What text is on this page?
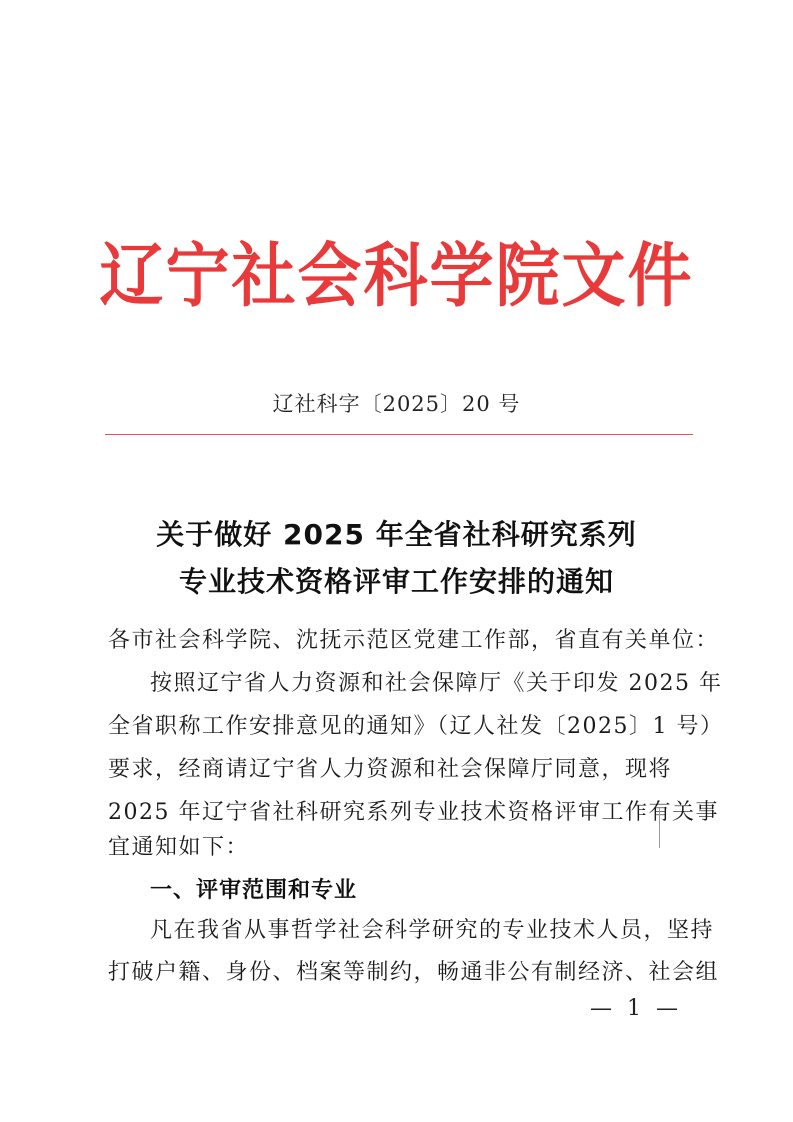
辽宁社会科学院文件
辽社科字〔2025〕20 号
关于做好 2025 年全省社科研究系列
专业技术资格评审工作安排的通知
各市社会科学院、沈抚示范区党建工作部，省直有关单位：
按照辽宁省人力资源和社会保障厅《关于印发 2025 年
全省职称工作安排意见的通知》（辽人社发〔2025〕1 号）
要求，经商请辽宁省人力资源和社会保障厅同意，现将
2025 年辽宁省社科研究系列专业技术资格评审工作有关事
宜通知如下：
一、评审范围和专业
凡在我省从事哲学社会科学研究的专业技术人员，坚持
打破户籍、身份、档案等制约，畅通非公有制经济、社会组
— 1 —
